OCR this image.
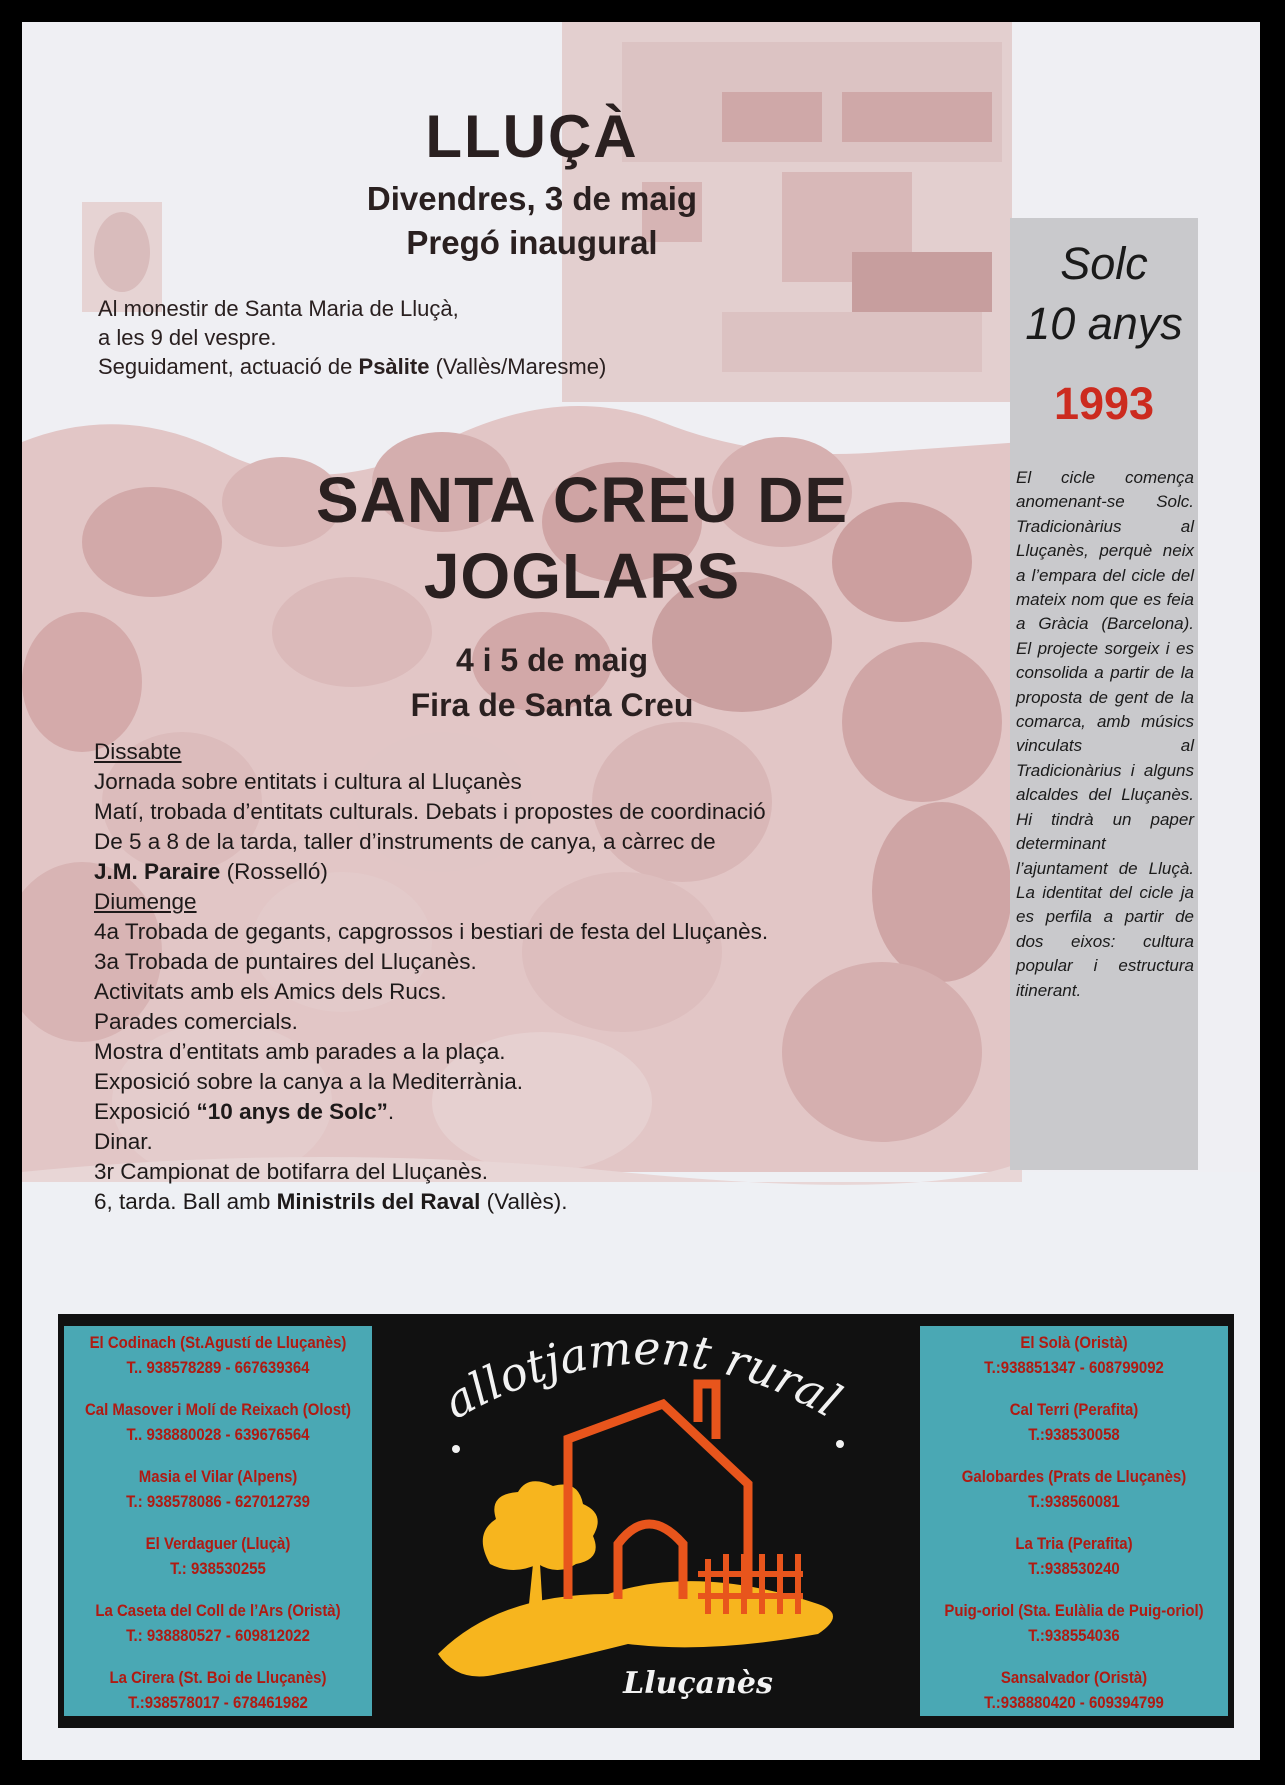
LLUÇÀ
Divendres, 3 de maig
Pregó inaugural
Al monestir de Santa Maria de Lluçà,
a les 9 del vespre.
Seguidament, actuació de Psàlite (Vallès/Maresme)
SANTA CREU DE
JOGLARS
4 i 5 de maig
Fira de Santa Creu
Dissabte
Jornada sobre entitats i cultura al Lluçanès
Matí, trobada d’entitats culturals. Debats i propostes de coordinació
De 5 a 8 de la tarda, taller d’instruments de canya, a càrrec de
J.M. Paraire (Rosselló)
Diumenge
4a Trobada de gegants, capgrossos i bestiari de festa del Lluçanès.
3a Trobada de puntaires del Lluçanès.
Activitats amb els Amics dels Rucs.
Parades comercials.
Mostra d’entitats amb parades a la plaça.
Exposició sobre la canya a la Mediterrània.
Exposició “10 anys de Solc”.
Dinar.
3r Campionat de botifarra del Lluçanès.
6, tarda. Ball amb Ministrils del Raval (Vallès).
Solc
10 anys
1993
El cicle comença anomenant-se Solc. Tradicionàrius al Lluçanès, perquè neix a l’empara del cicle del mateix nom que es feia a Gràcia (Barcelona). El projecte sorgeix i es consolida a partir de la proposta de gent de la comarca, amb músics vinculats al Tradicionàrius i alguns alcaldes del Lluçanès. Hi tindrà un paper determinant l’ajuntament de Lluçà. La identitat del cicle ja es perfila a partir de dos eixos: cultura popular i estructura itinerant.

El Codinach (St.Agustí de Lluçanès)

T.. 938578289 - 667639364

Cal Masover i Molí de Reixach (Olost)

T.. 938880028 - 639676564

Masia el Vilar (Alpens)

T.: 938578086 - 627012739

El Verdaguer (Lluçà)

T.: 938530255

La Caseta del Coll de l’Ars (Oristà)

T.: 938880527 - 609812022

La Cirera (St. Boi de Lluçanès)

T.:938578017 - 678461982

allotjament rural
Lluçanès

El Solà (Oristà)

T.:938851347 - 608799092

Cal Terri (Perafita)

T.:938530058

Galobardes (Prats de Lluçanès)

T.:938560081

La Tria (Perafita)

T.:938530240

Puig-oriol (Sta. Eulàlia de Puig-oriol)

T.:938554036

Sansalvador (Oristà)

T.:938880420 - 609394799
